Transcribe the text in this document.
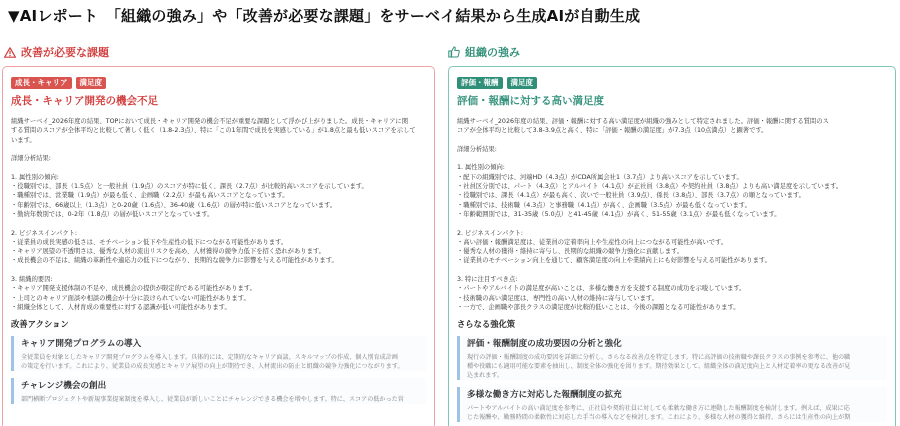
▼AIレポート　「組織の強み」や「改善が必要な課題」をサーベイ結果から生成AIが自動生成
改善が必要な課題
成長・キャリア	満足度
成長・キャリア開発の機会不足
組織サーベイ_2026年度の結果、TOPにおいて成長・キャリア開発の機会不足が重要な課題として浮かび上がりました。成長・キャリアに関
する質問のスコアが全体平均と比較して著しく低く（1.8-2.3点）、特に「この1年間で成長を実感している」が1.8点と最も低いスコアを示して
います。
詳細分析結果:
1. 属性別の傾向:
・役職別では、部長（1.5点）と一般社員（1.9点）のスコアが特に低く、課長（2.7点）が比較的高いスコアを示しています。
・職種別では、営業職（1.9点）が最も低く、企画職（2.2点）が最も高いスコアとなっています。
・年齢別では、66歳以上（1.3点）と0-20歳（1.6点）、36-40歳（1.6点）の層が特に低いスコアとなっています。
・勤続年数別では、0-2年（1.8点）の層が低いスコアとなっています。
2. ビジネスインパクト:
・従業員の成長実感の低さは、モチベーション低下や生産性の低下につながる可能性があります。
・キャリア展望の不透明さは、優秀な人材の流出リスクを高め、人材獲得の競争力低下を招く恐れがあります。
・成長機会の不足は、組織の革新性や適応力の低下につながり、長期的な競争力に影響を与える可能性があります。
3. 組織的要因:
・キャリア開発支援体制の不足や、成長機会の提供が限定的である可能性があります。
・上司とのキャリア面談や相談の機会が十分に設けられていない可能性があります。
・組織全体として、人材育成の重要性に対する認識が低い可能性があります。
改善アクション
キャリア開発プログラムの導入
全従業員を対象としたキャリア開発プログラムを導入します。具体的には、定期的なキャリア面談、スキルマップの作成、個人別育成計画
の策定を行います。これにより、従業員の成長実感とキャリア展望の向上が期待でき、人材流出の防止と組織の競争力強化につながります。
チャレンジ機会の創出
部門横断プロジェクトや新規事業提案制度を導入し、従業員が新しいことにチャレンジできる機会を増やします。特に、スコアの低かった営
組織の強み
評価・報酬	満足度
評価・報酬に対する高い満足度
組織サーベイ_2026年度の結果、評価・報酬に対する高い満足度が組織の強みとして特定されました。評価・報酬に関する質問のス
コアが全体平均と比較して3.8-3.9点と高く、特に「評価・報酬の満足度」が7.3点（10点満点）と顕著です。
詳細分析結果:
1. 属性別の傾向:
・配下の組織別では、河端HD（4.3点）がCDA所属会社1（3.7点）より高いスコアを示しています。
・社員区分別では、パート（4.3点）とアルバイト（4.1点）が正社員（3.8点）や契約社員（3.8点）よりも高い満足度を示しています。
・役職別では、課長（4.1点）が最も高く、次いで一般社員（3.9点）、係長（3.8点）、部長（3.7点）の順となっています。
・職種別では、技術職（4.3点）と事務職（4.1点）が高く、企画職（3.5点）が最も低くなっています。
・年齢範囲別では、31-35歳（5.0点）と41-45歳（4.1点）が高く、51-55歳（3.1点）が最も低くなっています。
2. ビジネスインパクト:
・高い評価・報酬満足度は、従業員の定着率向上や生産性の向上につながる可能性が高いです。
・優秀な人材の獲得・維持に寄与し、長期的な組織の競争力強化に貢献します。
・従業員のモチベーション向上を通じて、顧客満足度の向上や業績向上にも好影響を与える可能性があります。
3. 特に注目すべき点:
・パートやアルバイトの満足度が高いことは、多様な働き方を支援する制度の成功を示唆しています。
・技術職の高い満足度は、専門性の高い人材の維持に寄与しています。
・一方で、企画職や部長クラスの満足度が比較的低いことは、今後の課題となる可能性があります。
さらなる強化策
評価・報酬制度の成功要因の分析と強化
現行の評価・報酬制度の成功要因を詳細に分析し、さらなる改善点を特定します。特に高評価の技術職や課長クラスの事例を参考に、他の職
種や役職にも適用可能な要素を抽出し、制度全体の強化を図ります。期待効果として、組織全体の満足度向上と人材定着率の更なる改善が見
込まれます。
多様な働き方に対応した報酬制度の拡充
パートやアルバイトの高い満足度を参考に、正社員や契約社員に対しても柔軟な働き方に連動した報酬制度を検討します。例えば、成果に応
じた報酬や、勤務時間の柔軟性に対応した手当の導入などを検討します。これにより、多様な人材の獲得と維持、さらには生産性の向上が期
